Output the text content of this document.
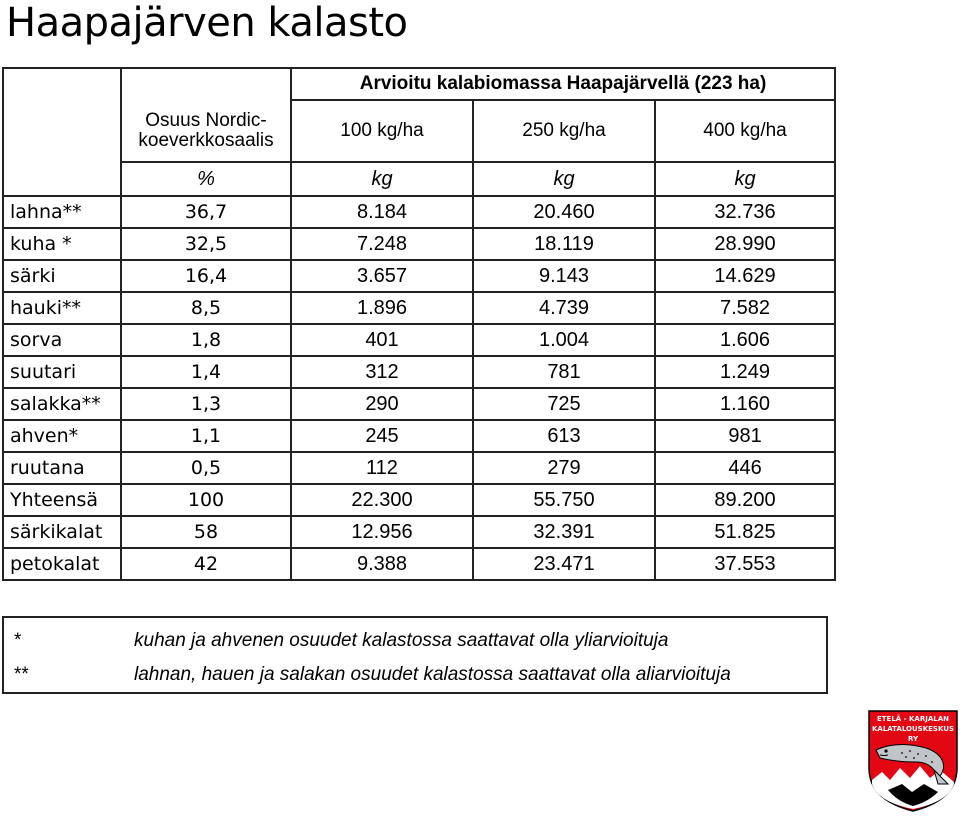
Haapajärven kalasto
		Arvioitu kalabiomassa Haapajärvellä (223 ha)		
	Osuus Nordic-koeverkkosaalis	100 kg/ha	250 kg/ha	400 kg/ha
	%	kg	kg	kg
lahna**	36,7	8.184	20.460	32.736
kuha *	32,5	7.248	18.119	28.990
särki	16,4	3.657	9.143	14.629
hauki**	8,5	1.896	4.739	7.582
sorva	1,8	401	1.004	1.606
suutari	1,4	312	781	1.249
salakka**	1,3	290	725	1.160
ahven*	1,1	245	613	981
ruutana	0,5	112	279	446
Yhteensä	100	22.300	55.750	89.200
särkikalat	58	12.956	32.391	51.825
petokalat	42	9.388	23.471	37.553
*	kuhan ja ahvenen osuudet kalastossa saattavat olla yliarvioituja
**	lahnan, hauen ja salakan osuudet kalastossa saattavat olla aliarvioituja
ETELÄ - KARJALAN
KALATALOUSKESKUS RY
